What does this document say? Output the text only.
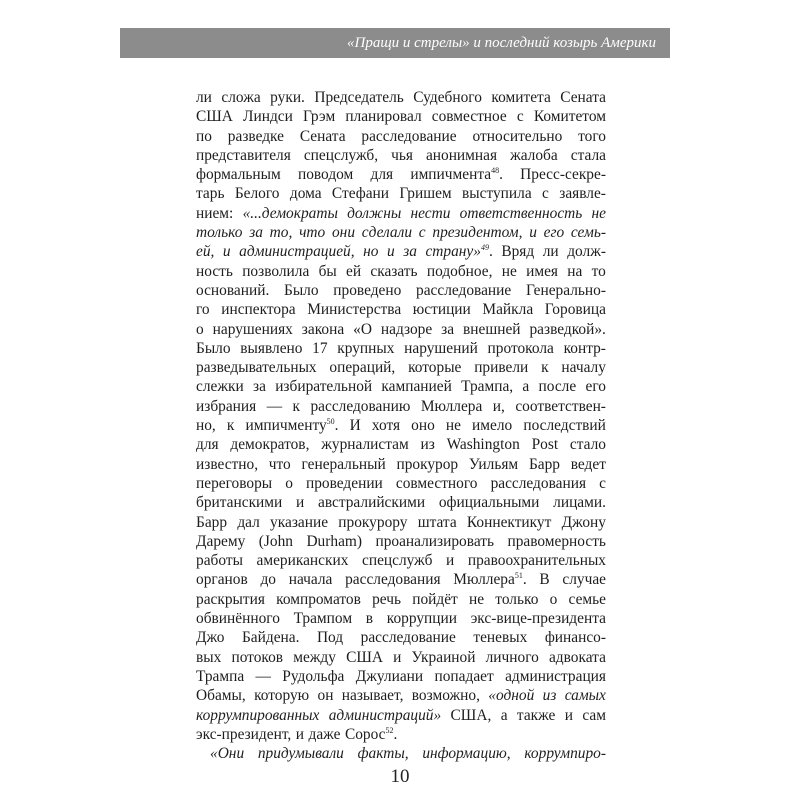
«Пращи и стрелы» и последний козырь Америки
ли сложа руки. Председатель Судебного комитета Сената
США Линдси Грэм планировал совместное с Комитетом
по разведке Сената расследование относительно того
представителя спецслужб, чья анонимная жалоба стала
формальным поводом для импичмента$^{48}$. Пресс-секре-
тарь Белого дома Стефани Гришем выступила с заявле-
нием: «...демократы должны нести ответственность не
только за то, что они сделали с президентом, и его семь-
ей, и администрацией, но и за страну»$^{49}$. Вряд ли долж-
ность позволила бы ей сказать подобное, не имея на то
оснований. Было проведено расследование Генерально-
го инспектора Министерства юстиции Майкла Горовица
о нарушениях закона «О надзоре за внешней разведкой».
Было выявлено 17 крупных нарушений протокола контр-
разведывательных операций, которые привели к началу
слежки за избирательной кампанией Трампа, а после его
избрания — к расследованию Мюллера и, соответствен-
но, к импичменту$^{50}$. И хотя оно не имело последствий
для демократов, журналистам из Washington Post стало
известно, что генеральный прокурор Уильям Барр ведет
переговоры о проведении совместного расследования с
британскими и австралийскими официальными лицами.
Барр дал указание прокурору штата Коннектикут Джону
Дарему (John Durham) проанализировать правомерность
работы американских спецслужб и правоохранительных
органов до начала расследования Мюллера$^{51}$. В случае
раскрытия компроматов речь пойдёт не только о семье
обвинённого Трампом в коррупции экс-вице-президента
Джо Байдена. Под расследование теневых финансо-
вых потоков между США и Украиной личного адвоката
Трампа — Рудольфа Джулиани попадает администрация
Обамы, которую он называет, возможно, «одной из самых
коррумпированных администраций» США, а также и сам
экс-президент, и даже Сорос$^{52}$.
«Они придумывали факты, информацию, коррумпиро-
10
